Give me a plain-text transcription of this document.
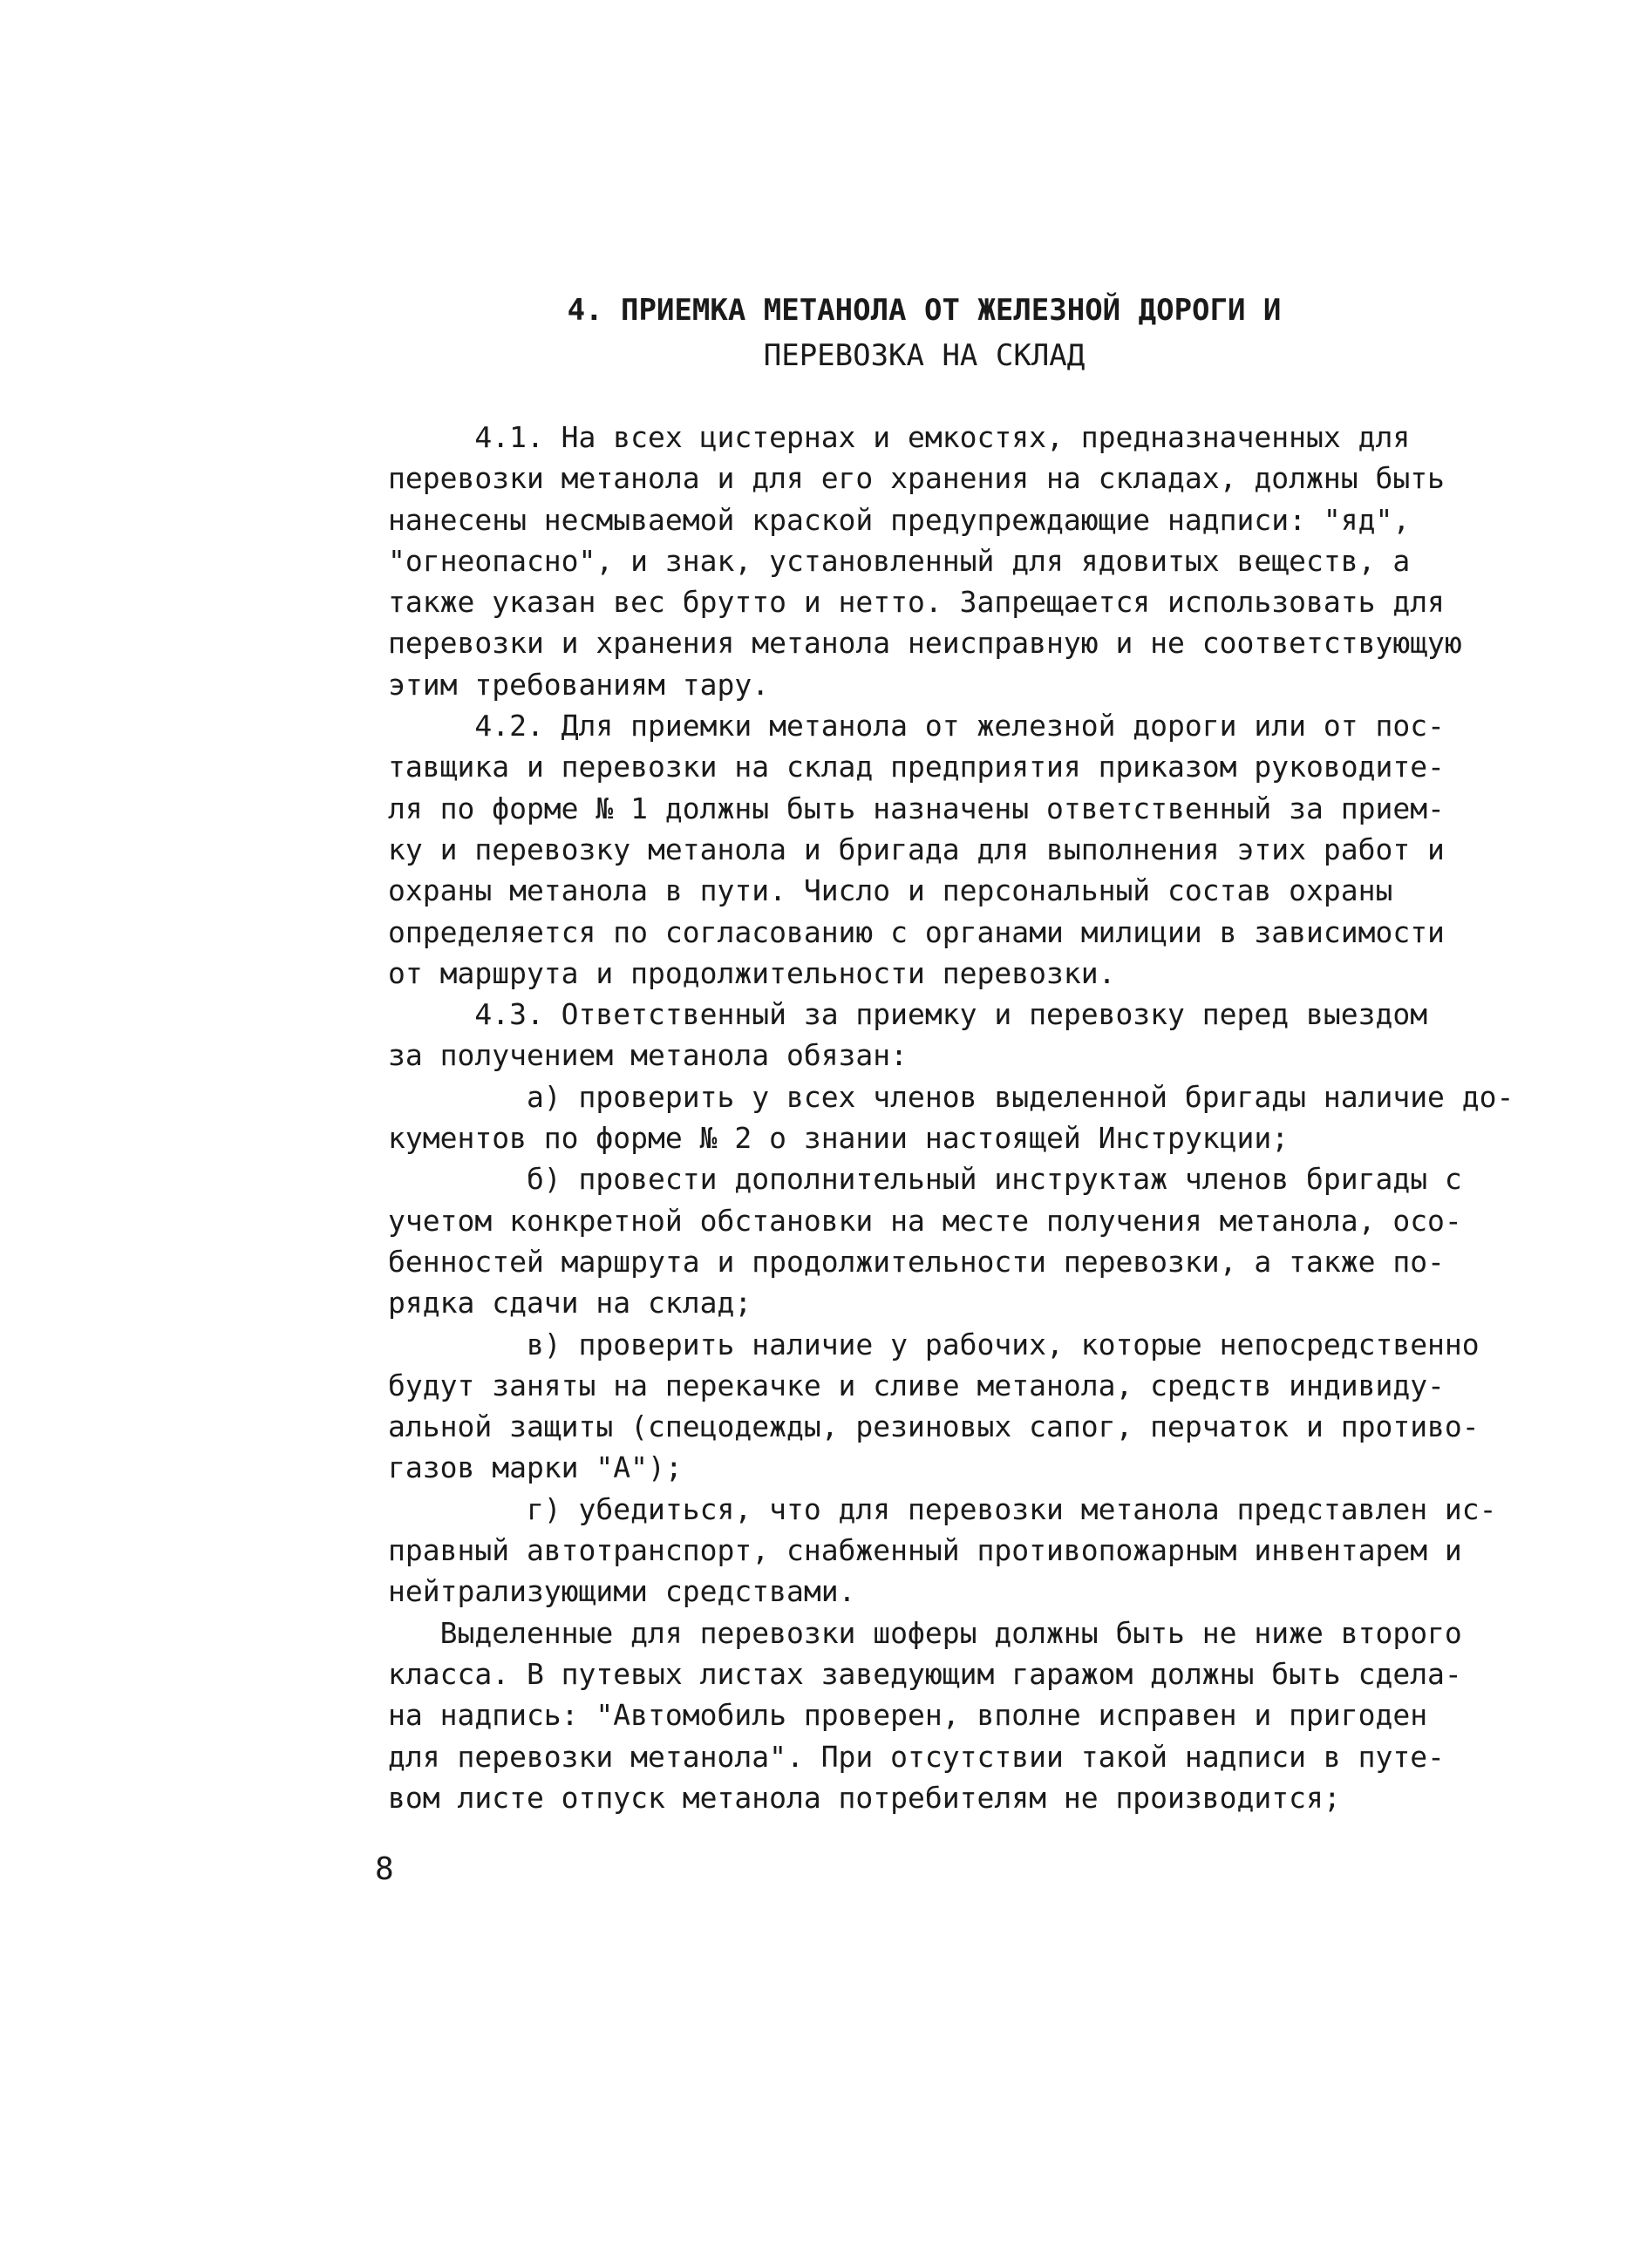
4. ПРИЕМКА МЕТАНОЛА ОТ ЖЕЛЕЗНОЙ ДОРОГИ И
ПЕРЕВОЗКА НА СКЛАД
4.1. На всех цистернах и емкостях, предназначенных для
перевозки метанола и для его хранения на складах, должны быть
нанесены несмываемой краской предупреждающие надписи: "яд",
"огнеопасно", и знак, установленный для ядовитых веществ, а
также указан вес брутто и нетто. Запрещается использовать для
перевозки и хранения метанола неисправную и не соответствующую
этим требованиям тару.
4.2. Для приемки метанола от железной дороги или от пос-
тавщика и перевозки на склад предприятия приказом руководите-
ля по форме № 1 должны быть назначены ответственный за прием-
ку и перевозку метанола и бригада для выполнения этих работ и
охраны метанола в пути. Число и персональный состав охраны
определяется по согласованию с органами милиции в зависимости
от маршрута и продолжительности перевозки.
4.3. Ответственный за приемку и перевозку перед выездом
за получением метанола обязан:
а) проверить у всех членов выделенной бригады наличие до-
кументов по форме № 2 о знании настоящей Инструкции;
б) провести дополнительный инструктаж членов бригады с
учетом конкретной обстановки на месте получения метанола, осо-
бенностей маршрута и продолжительности перевозки, а также по-
рядка сдачи на склад;
в) проверить наличие у рабочих, которые непосредственно
будут заняты на перекачке и сливе метанола, средств индивиду-
альной защиты (спецодежды, резиновых сапог, перчаток и противо-
газов марки "А");
г) убедиться, что для перевозки метанола представлен ис-
правный автотранспорт, снабженный противопожарным инвентарем и
нейтрализующими средствами.
Выделенные для перевозки шоферы должны быть не ниже второго
класса. В путевых листах заведующим гаражом должны быть сдела-
на надпись: "Автомобиль проверен, вполне исправен и пригоден
для перевозки метанола". При отсутствии такой надписи в путе-
вом листе отпуск метанола потребителям не производится;
8
